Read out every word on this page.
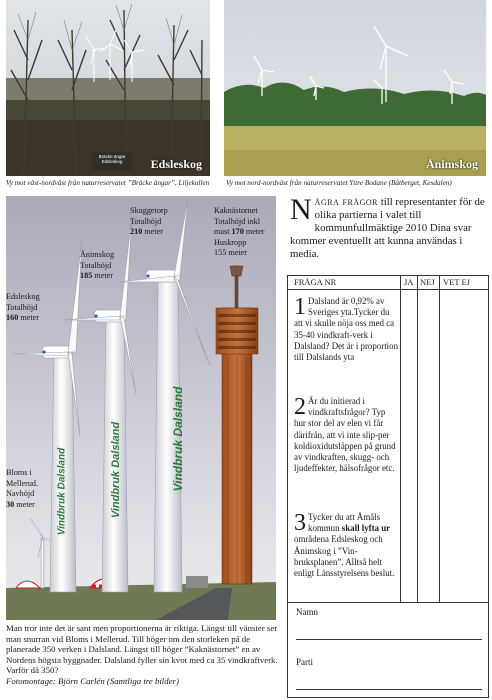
Bräcke ängar
Edsleskog	Edsleskog
Vy mot väst-nordväst från naturreservatet ”Bräcke ängar”, Liljekullen
Ånimskog
Vy mot nord-nordväst från naturreservatet Yttre Bodane (Båtberget, Kesdalen)
Vindbruk Dalsland	Vindbruk Dalsland	Vindbruk Dalsland
Skuggetorp
Totalhöjd
210 meter
Kaknästornet
Totalhöjd inkl
mast 170 meter
Huskropp
155 meter
Ånimskog
Totalhöjd
185 meter
Edsleskog
Totalhöjd
160 meter
Bloms i
Mellerud.
Navhöjd
30 meter
Man tror inte det är sant men proportionerna är riktiga. Längst till vänster ser man snurran vid Bloms i Mellerud. Till höger om den storleken på de planerade 350 verken i Dalsland. Längst till höger ”Kaknästornet” en av Nordens högsta byggnader. Dalsland fyller sin kvot med ca 35 vindkraftverk. Varför då 350?
Fotomontage: Björn Carlén (Samtliga tre bilder)
Några frågor till representanter för de olika partierna i valet till kommunfullmäktige 2010 Dina svar kommer eventuellt att kunna användas i media.
FRÅGA NR	JA NEJ VET EJ
1 Dalsland är 0,92% av Sveriges yta.Tycker du att vi skulle nöja oss med ca 35-40 vindkraft-verk i Dalsland? Det är i proportion till Dalslands yta
2 Är du initierad i vindkraftsfrågor? Typ hur stor del av elen vi får därifrån, att vi inte slip-per koldioxidutsläppen på grund av vindkraften, skugg- och ljudeffekter, hälsofrågor etc.
3 Tycker du att Åmåls kommun skall lyfta ur områdena Edsleskog och Ånimskog i ”Vin-bruksplanen”. Alltså helt enligt Länsstyrelsens beslut.
Namn
Parti
